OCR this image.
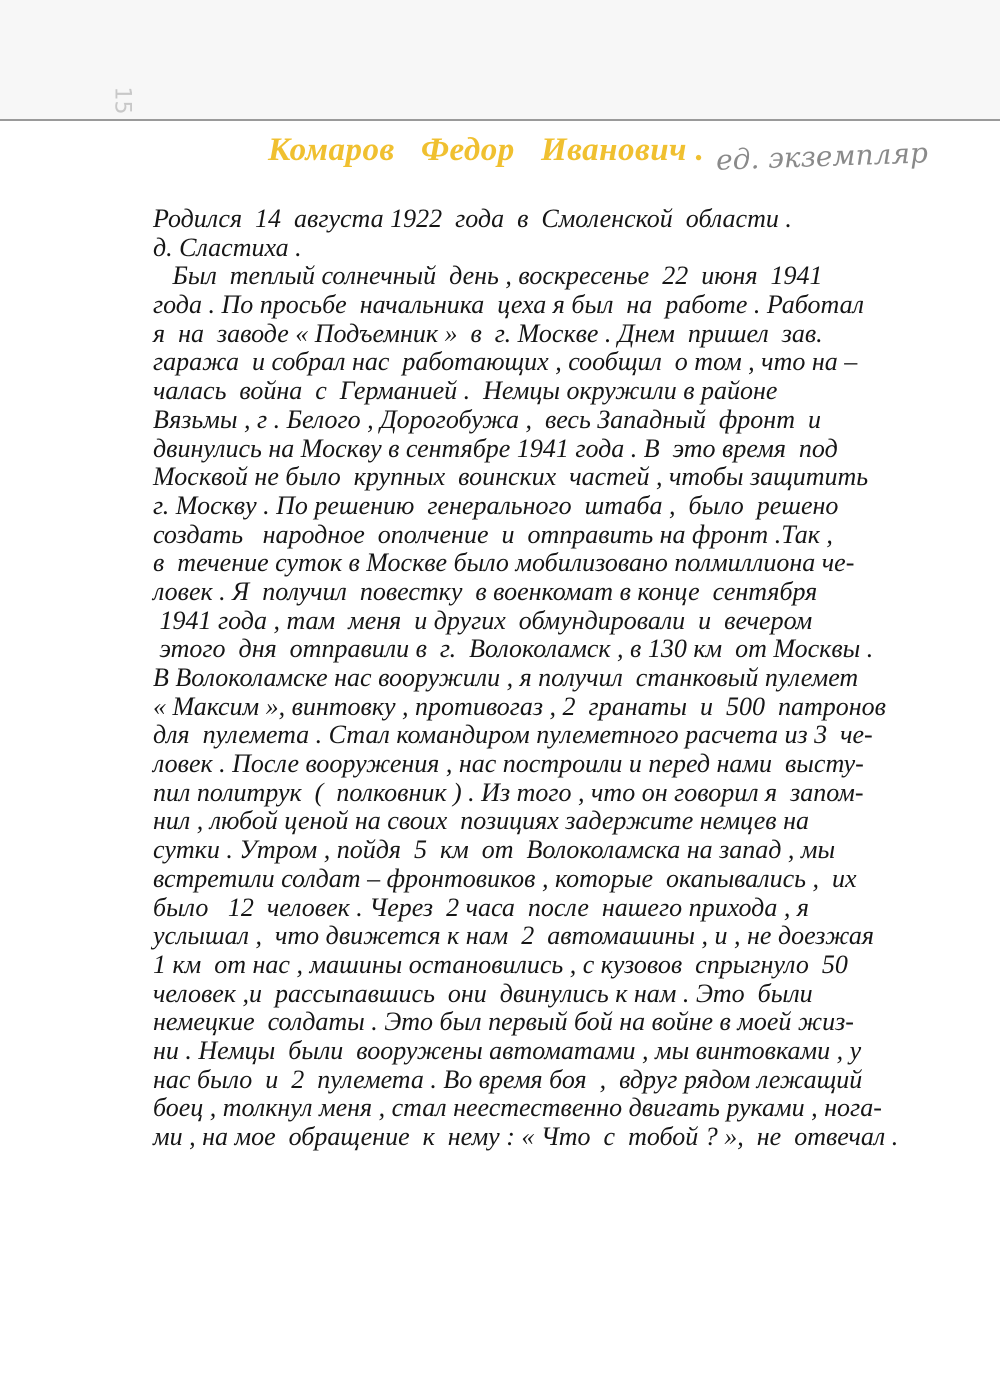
15
Комаров   Федор   Иванович . ед. экземпляр
Родился  14  августа 1922  года  в  Смоленской  области .
д. Сластиха .
Был  теплый солнечный  день , воскресенье  22  июня  1941
года . По просьбе  начальника  цеха я был  на  работе . Работал
я  на  заводе « Подъемник »  в  г. Москве . Днем  пришел  зав.
гаража  и собрал нас  работающих , сообщил  о том , что на –
чалась  война  с  Германией .  Немцы окружили в районе
Вязьмы , г . Белого , Дорогобужа ,  весь Западный  фронт  и
двинулись на Москву в сентябре 1941 года . В  это время  под
Москвой не было  крупных  воинских  частей , чтобы защитить
г. Москву . По решению  генерального  штаба ,  было  решено
создать   народное  ополчение  и  отправить на фронт .Так ,
в  течение суток в Москве было мобилизовано полмиллиона че-
ловек . Я  получил  повестку  в военкомат в конце  сентября
1941 года , там  меня  и других  обмундировали  и  вечером
этого  дня  отправили в  г.  Волоколамск , в 130 км  от Москвы .
В Волоколамске нас вооружили , я получил  станковый пулемет
« Максим », винтовку , противогаз , 2  гранаты  и  500  патронов
для  пулемета . Стал командиром пулеметного расчета из 3  че-
ловек . После вооружения , нас построили и перед нами  высту-
пил политрук  (  полковник ) . Из того , что он говорил я  запом-
нил , любой ценой на своих  позициях задержите немцев на
сутки . Утром , пойдя  5  км  от  Волоколамска на запад , мы
встретили солдат – фронтовиков , которые  окапывались ,  их
было   12  человек . Через  2 часа  после  нашего прихода , я
услышал ,  что движется к нам  2  автомашины , и , не доезжая
1 км  от нас , машины остановились , с кузовов  спрыгнуло  50
человек ,и  рассыпавшись  они  двинулись к нам . Это  были
немецкие  солдаты . Это был первый бой на войне в моей жиз-
ни . Немцы  были  вооружены автоматами , мы винтовками , у
нас было  и  2  пулемета . Во время боя  ,  вдруг рядом лежащий
боец , толкнул меня , стал неестественно двигать руками , нога-
ми , на мое  обращение  к  нему : « Что  с  тобой ? »,  не  отвечал .
